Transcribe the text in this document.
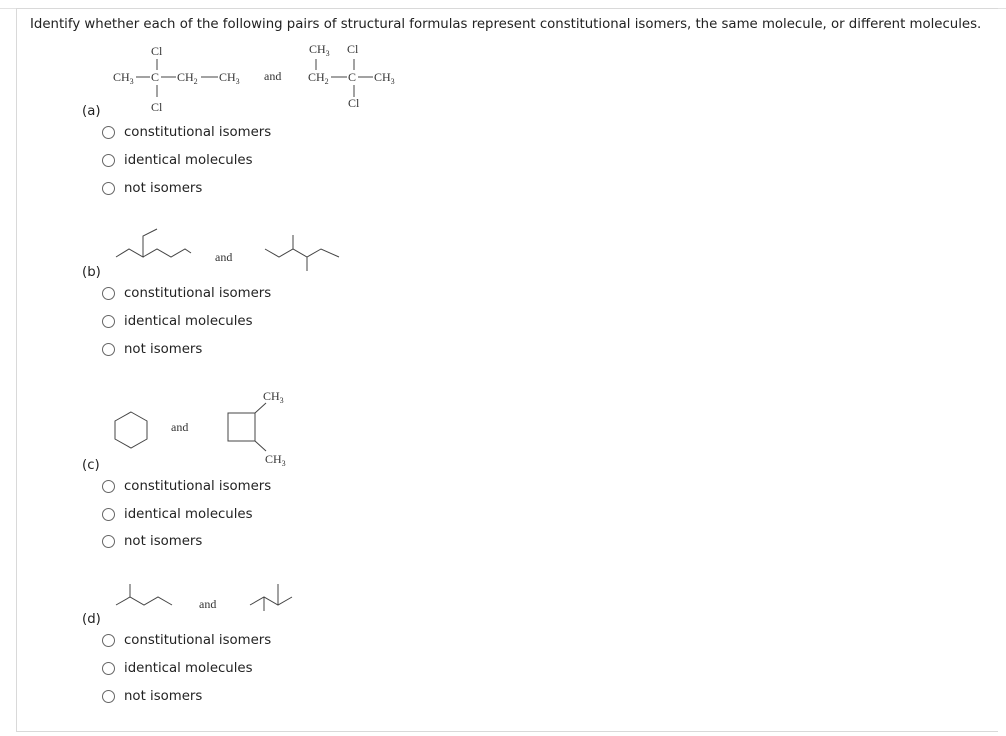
Identify whether each of the following pairs of structural formulas represent constitutional isomers, the same molecule, or different molecules.
Cl
$CH_3$ C $CH_2$ $CH_3$
Cl
and
$CH_3$ Cl
$CH_2$ C $CH_3$
Cl
and
and
$CH_3$
$CH_3$
and
(a)
constitutional isomers
identical molecules
not isomers
(b)
constitutional isomers
identical molecules
not isomers
(c)
constitutional isomers
identical molecules
not isomers
(d)
constitutional isomers
identical molecules
not isomers
